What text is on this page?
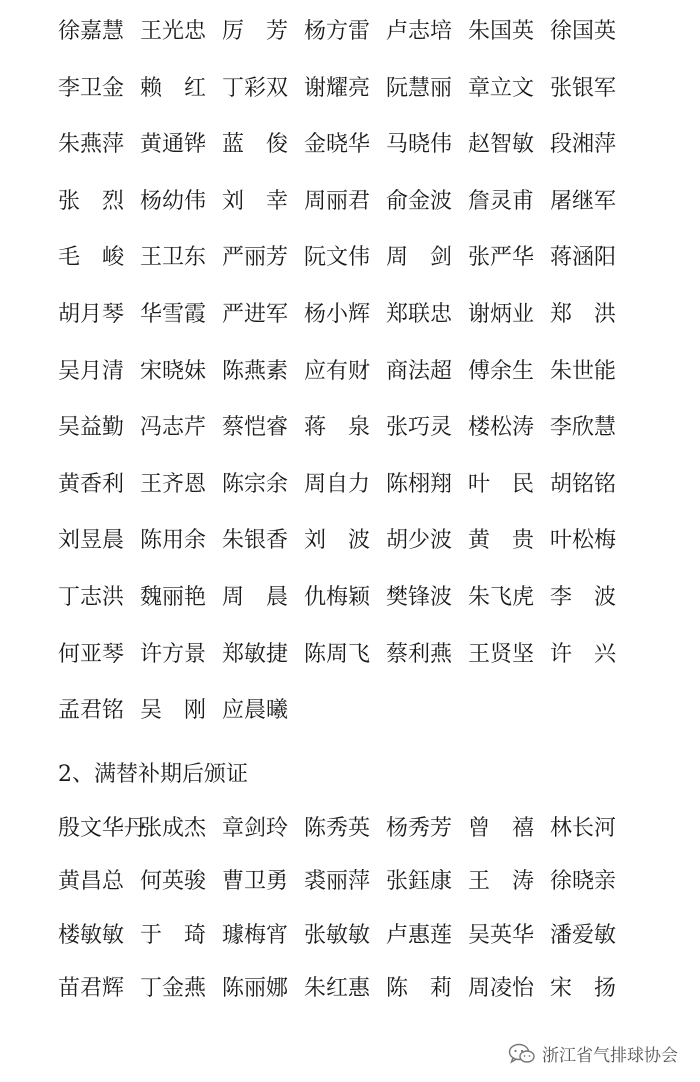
徐嘉慧 王光忠 厉 芳 杨方雷 卢志培 朱国英 徐国英
李卫金 赖 红 丁彩双 谢耀亮 阮慧丽 章立文 张银军
朱燕萍 黄通铧 蓝 俊 金晓华 马晓伟 赵智敏 段湘萍
张 烈 杨幼伟 刘 幸 周丽君 俞金波 詹灵甫 屠继军
毛 峻 王卫东 严丽芳 阮文伟 周 剑 张严华 蒋涵阳
胡月琴 华雪霞 严进军 杨小辉 郑联忠 谢炳业 郑 洪
吴月清 宋晓妹 陈燕素 应有财 商法超 傅余生 朱世能
吴益勤 冯志芹 蔡恺睿 蒋 泉 张巧灵 楼松涛 李欣慧
黄香利 王齐恩 陈宗余 周自力 陈栩翔 叶 民 胡铭铭
刘昱晨 陈用余 朱银香 刘 波 胡少波 黄 贵 叶松梅
丁志洪 魏丽艳 周 晨 仇梅颖 樊锋波 朱飞虎 李 波
何亚琴 许方景 郑敏捷 陈周飞 蔡利燕 王贤坚 许 兴
孟君铭 吴 刚 应晨曦
2、满替补期后颁证
殷文华丹
张成杰 章剑玲 陈秀英 杨秀芳 曾 禧 林长河
黄昌总 何英骏 曹卫勇 裘丽萍 张鈺康 王 涛 徐晓亲
楼敏敏 于 琦 璩梅宵 张敏敏 卢惠莲 吴英华 潘爱敏
苗君辉 丁金燕 陈丽娜 朱红惠 陈 莉 周凌怡 宋 扬
浙江省气排球协会
